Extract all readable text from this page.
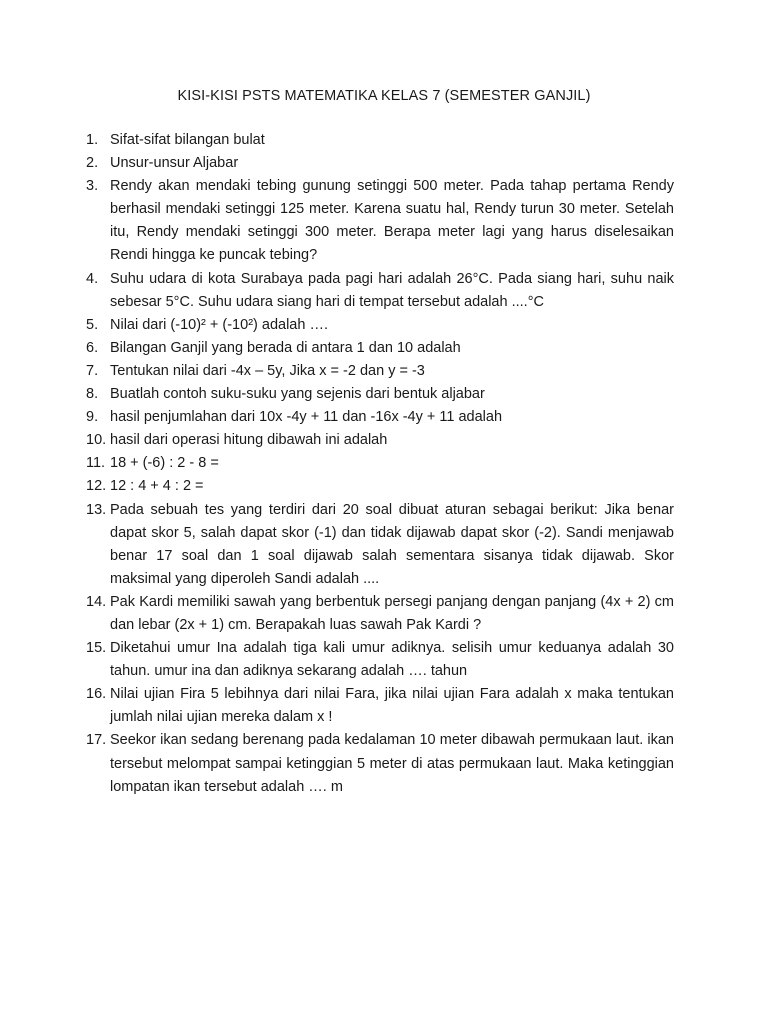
KISI-KISI PSTS MATEMATIKA KELAS 7 (SEMESTER GANJIL)
1. Sifat-sifat bilangan bulat
2. Unsur-unsur Aljabar
3. Rendy akan mendaki tebing gunung setinggi 500 meter. Pada tahap pertama Rendy berhasil mendaki setinggi 125 meter. Karena suatu hal, Rendy turun 30 meter. Setelah itu, Rendy mendaki setinggi 300 meter. Berapa meter lagi yang harus diselesaikan Rendi hingga ke puncak tebing?
4. Suhu udara di kota Surabaya pada pagi hari adalah 26°C. Pada siang hari, suhu naik sebesar 5°C. Suhu udara siang hari di tempat tersebut adalah ....°C
5. Nilai dari (-10)² + (-10²) adalah ….
6. Bilangan Ganjil yang berada di antara 1 dan 10 adalah
7. Tentukan nilai dari -4x – 5y, Jika x = -2 dan y = -3
8. Buatlah contoh suku-suku yang sejenis dari bentuk aljabar
9. hasil penjumlahan dari 10x -4y + 11 dan -16x -4y + 11 adalah
10. hasil dari operasi hitung dibawah ini adalah
11. 18 + (-6) : 2 - 8 =
12. 12 : 4 + 4 : 2 =
13. Pada sebuah tes yang terdiri dari 20 soal dibuat aturan sebagai berikut: Jika benar dapat skor 5, salah dapat skor (-1) dan tidak dijawab dapat skor (-2). Sandi menjawab benar 17 soal dan 1 soal dijawab salah sementara sisanya tidak dijawab. Skor maksimal yang diperoleh Sandi adalah ....
14. Pak Kardi memiliki sawah yang berbentuk persegi panjang dengan panjang (4x + 2) cm dan lebar (2x + 1) cm. Berapakah luas sawah Pak Kardi ?
15. Diketahui umur Ina adalah tiga kali umur adiknya. selisih umur keduanya adalah 30 tahun. umur ina dan adiknya sekarang adalah …. tahun
16. Nilai ujian Fira 5 lebihnya dari nilai Fara, jika nilai ujian Fara adalah x maka tentukan jumlah nilai ujian mereka dalam x !
17. Seekor ikan sedang berenang pada kedalaman 10 meter dibawah permukaan laut. ikan tersebut melompat sampai ketinggian 5 meter di atas permukaan laut. Maka ketinggian lompatan ikan tersebut adalah …. m
